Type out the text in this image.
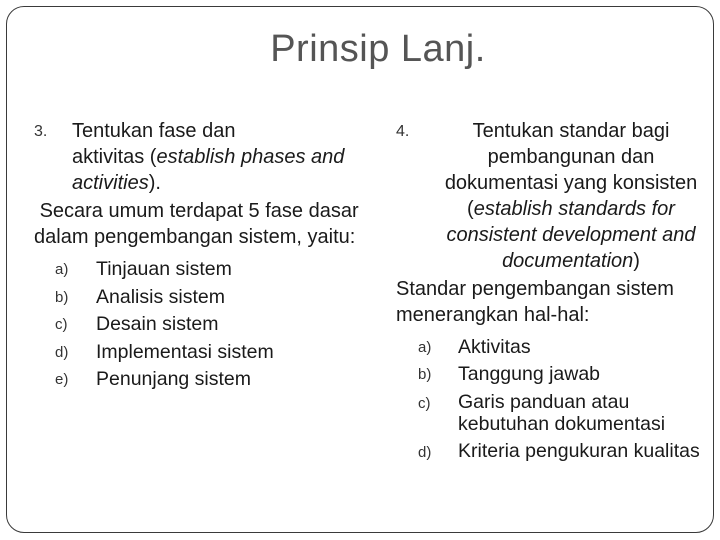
Prinsip Lanj.
3. Tentukan fase dan
aktivitas (establish phases and activities).
Secara umum terdapat 5 fase dasar dalam pengembangan sistem, yaitu:
a) Tinjauan sistem
b) Analisis sistem
c) Desain sistem
d) Implementasi sistem
e) Penunjang sistem
4.	Tentukan standar bagi pembangunan dan dokumentasi yang konsisten (establish standards for consistent development and documentation)
Standar pengembangan sistem menerangkan hal-hal:
a) Aktivitas
b) Tanggung jawab
c) Garis panduan atau kebutuhan dokumentasi
d) Kriteria pengukuran kualitas
